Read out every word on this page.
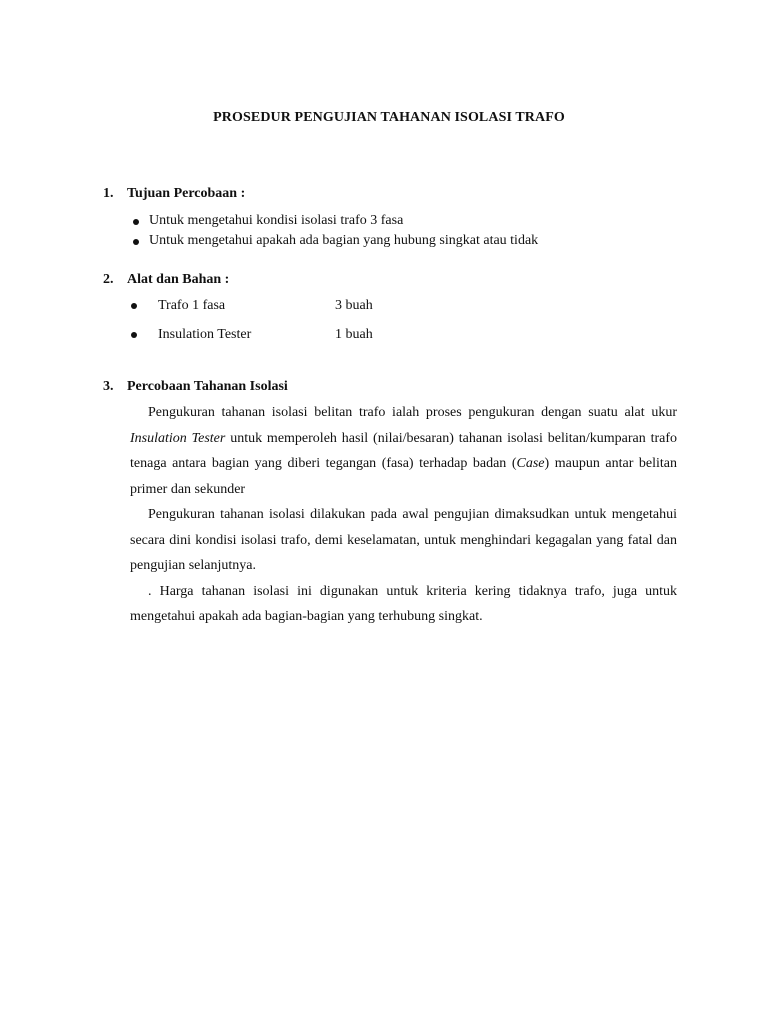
PROSEDUR PENGUJIAN TAHANAN ISOLASI TRAFO
1. Tujuan Percobaan :
Untuk mengetahui kondisi isolasi trafo 3 fasa
Untuk mengetahui apakah ada bagian yang hubung singkat atau tidak
2. Alat dan Bahan :
Trafo 1 fasa	3 buah
Insulation Tester	1 buah
3. Percobaan Tahanan Isolasi

Pengukuran tahanan isolasi belitan trafo ialah proses pengukuran dengan suatu alat ukur Insulation Tester untuk memperoleh hasil (nilai/besaran) tahanan isolasi belitan/kumparan trafo tenaga antara bagian yang diberi tegangan (fasa) terhadap badan (Case) maupun antar belitan primer dan sekunder

Pengukuran tahanan isolasi dilakukan pada awal pengujian dimaksudkan untuk mengetahui secara dini kondisi isolasi trafo, demi keselamatan, untuk menghindari kegagalan yang fatal dan pengujian selanjutnya.

. Harga tahanan isolasi ini digunakan untuk kriteria kering tidaknya trafo, juga untuk mengetahui apakah ada bagian-bagian yang terhubung singkat.
